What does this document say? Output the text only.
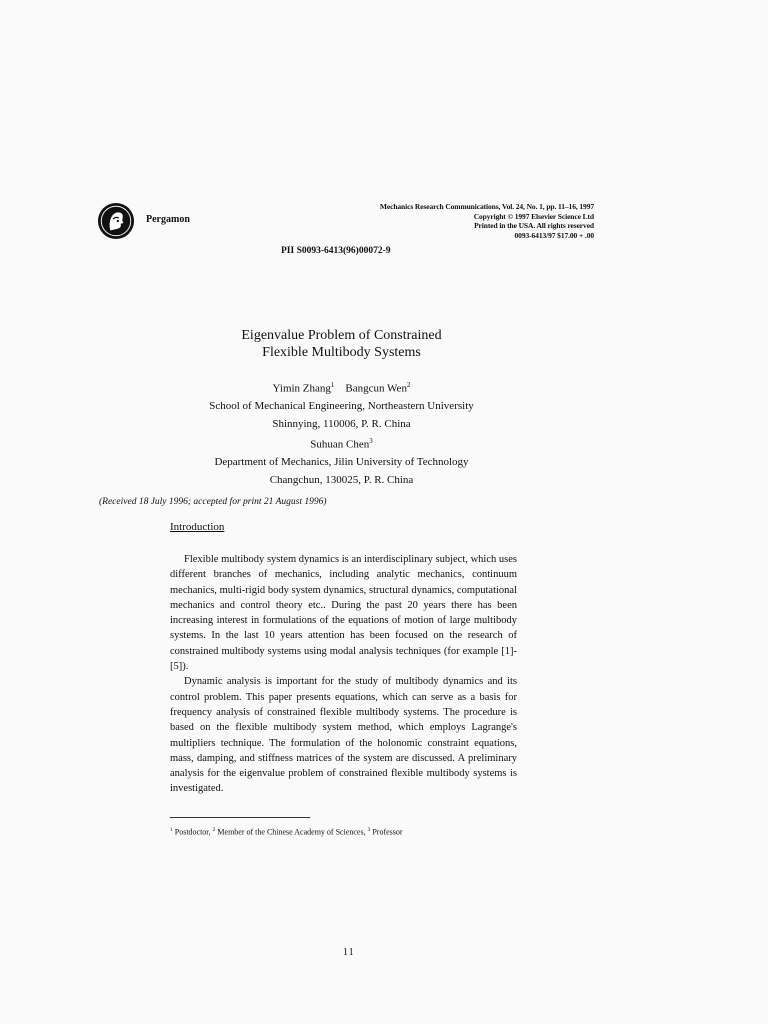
Pergamon
Mechanics Research Communications, Vol. 24, No. 1, pp. 11–16, 1997
Copyright © 1997 Elsevier Science Ltd
Printed in the USA. All rights reserved
0093-6413/97 $17.00 + .00
PII S0093-6413(96)00072-9
Eigenvalue Problem of Constrained
Flexible Multibody Systems
Yimin Zhang$^1$ Bangcun Wen$^2$
School of Mechanical Engineering, Northeastern University
Shinnying, 110006, P. R. China
Suhuan Chen$^3$
Department of Mechanics, Jilin University of Technology
Changchun, 130025, P. R. China
(Received 18 July 1996; accepted for print 21 August 1996)
Introduction

Flexible multibody system dynamics is an interdisciplinary subject, which uses different branches of mechanics, including analytic mechanics, continuum mechanics, multi-rigid body system dynamics, structural dynamics, computational mechanics and control theory etc.. During the past 20 years there has been increasing interest in formulations of the equations of motion of large multibody systems. In the last 10 years attention has been focused on the research of constrained multibody systems using modal analysis techniques (for example [1]-[5]).

Dynamic analysis is important for the study of multibody dynamics and its control problem. This paper presents equations, which can serve as a basis for frequency analysis of constrained flexible multibody systems. The procedure is based on the flexible multibody system method, which employs Lagrange's multipliers technique. The formulation of the holonomic constraint equations, mass, damping, and stiffness matrices of the system are discussed. A preliminary analysis for the eigenvalue problem of constrained flexible multibody systems is investigated.

$^1$ Postdoctor, $^2$ Member of the Chinese Academy of Sciences, $^3$ Professor
11
